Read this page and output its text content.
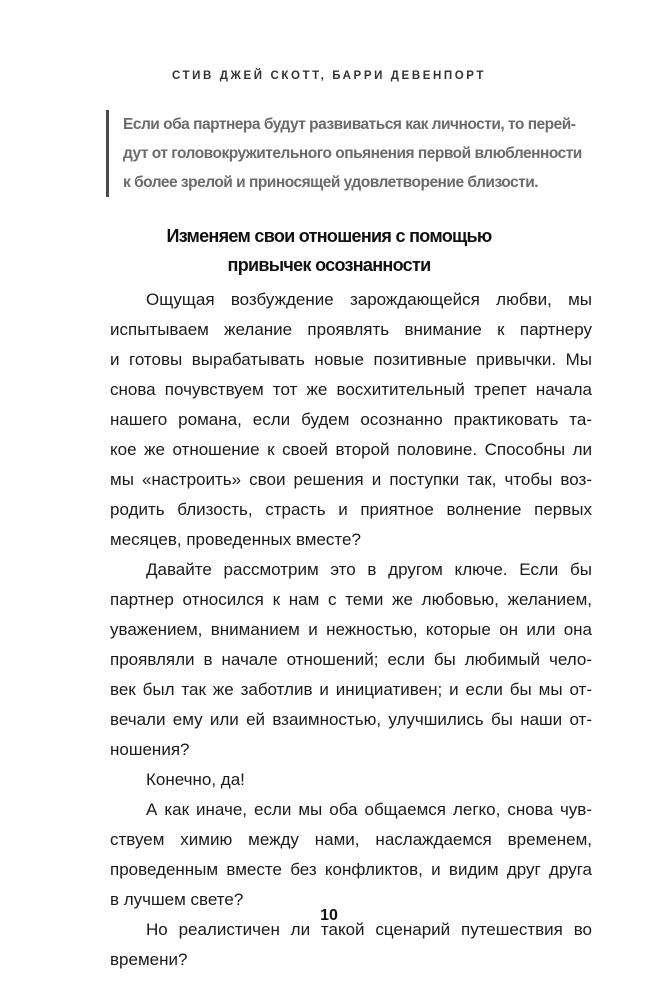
СТИВ ДЖЕЙ СКОТТ, БАРРИ ДЕВЕНПОРТ
Если оба партнера будут развиваться как личности, то перей-
дут от головокружительного опьянения первой влюбленности
к более зрелой и приносящей удовлетворение близости.
Изменяем свои отношения с помощью
привычек осознанности
Ощущая возбуждение зарождающейся любви, мы
испытываем желание проявлять внимание к партнеру
и готовы вырабатывать новые позитивные привычки. Мы
снова почувствуем тот же восхитительный трепет начала
нашего романа, если будем осознанно практиковать та-
кое же отношение к своей второй половине. Способны ли
мы «настроить» свои решения и поступки так, чтобы воз-
родить близость, страсть и приятное волнение первых
месяцев, проведенных вместе?
Давайте рассмотрим это в другом ключе. Если бы
партнер относился к нам с теми же любовью, желанием,
уважением, вниманием и нежностью, которые он или она
проявляли в начале отношений; если бы любимый чело-
век был так же заботлив и инициативен; и если бы мы от-
вечали ему или ей взаимностью, улучшились бы наши от-
ношения?
Конечно, да!
А как иначе, если мы оба общаемся легко, снова чув-
ствуем химию между нами, наслаждаемся временем,
проведенным вместе без конфликтов, и видим друг друга
в лучшем свете?
Но реалистичен ли такой сценарий путешествия во
времени?
10
